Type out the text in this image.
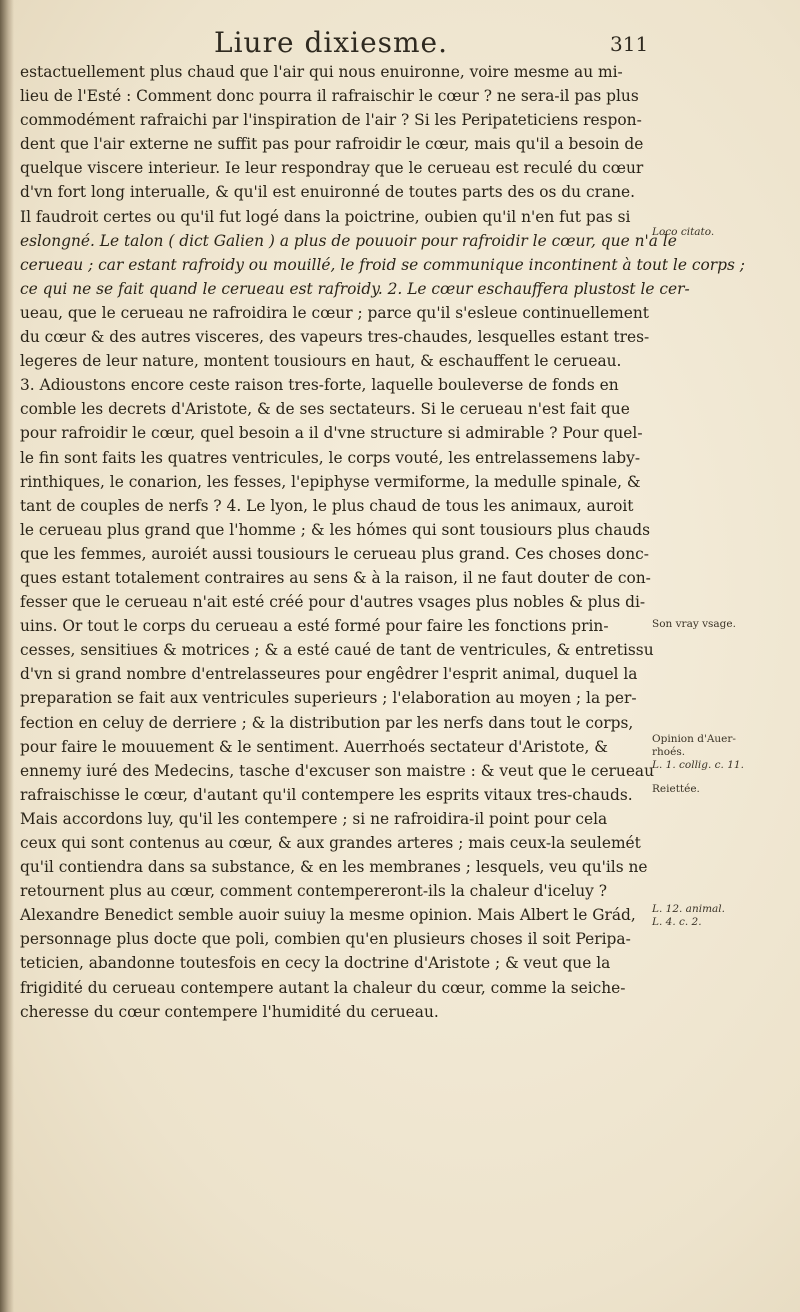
Liure dixiesme.	311
estactuellement plus chaud que l'air qui nous enuironne, voire mesme au mi-
lieu de l'Esté : Comment donc pourra il rafraischir le cœur ? ne sera-il pas plus
commodément rafraichi par l'inspiration de l'air ? Si les Peripateticiens respon-
dent que l'air externe ne suffit pas pour rafroidir le cœur, mais qu'il a besoin de
quelque viscere interieur. Ie leur respondray que le cerueau est reculé du cœur
d'vn fort long interualle, & qu'il est enuironné de toutes parts des os du crane.
Il faudroit certes ou qu'il fut logé dans la poictrine, oubien qu'il n'en fut pas si
eslongné. Le talon ( dict Galien ) a plus de pouuoir pour rafroidir le cœur, que n'a le
cerueau ; car estant rafroidy ou mouillé, le froid se communique incontinent à tout le corps ;
ce qui ne se fait quand le cerueau est rafroidy. 2. Le cœur eschauffera plustost le cer-
ueau, que le cerueau ne rafroidira le cœur ; parce qu'il s'esleue continuellement
du cœur & des autres visceres, des vapeurs tres-chaudes, lesquelles estant tres-
legeres de leur nature, montent tousiours en haut, & eschauffent le cerueau.
3. Adioustons encore ceste raison tres-forte, laquelle bouleverse de fonds en
comble les decrets d'Aristote, & de ses sectateurs. Si le cerueau n'est fait que
pour rafroidir le cœur, quel besoin a il d'vne structure si admirable ? Pour quel-
le fin sont faits les quatres ventricules, le corps vouté, les entrelassemens laby-
rinthiques, le conarion, les fesses, l'epiphyse vermiforme, la medulle spinale, &
tant de couples de nerfs ? 4. Le lyon, le plus chaud de tous les animaux, auroit
le cerueau plus grand que l'homme ; & les hómes qui sont tousiours plus chauds
que les femmes, auroiét aussi tousiours le cerueau plus grand. Ces choses donc-
ques estant totalement contraires au sens & à la raison, il ne faut douter de con-
fesser que le cerueau n'ait esté créé pour d'autres vsages plus nobles & plus di-
uins. Or tout le corps du cerueau a esté formé pour faire les fonctions prin-
cesses, sensitiues & motrices ; & a esté caué de tant de ventricules, & entretissu
d'vn si grand nombre d'entrelasseures pour engêdrer l'esprit animal, duquel la
preparation se fait aux ventricules superieurs ; l'elaboration au moyen ; la per-
fection en celuy de derriere ; & la distribution par les nerfs dans tout le corps,
pour faire le mouuement & le sentiment. Auerrhoés sectateur d'Aristote, &
ennemy iuré des Medecins, tasche d'excuser son maistre : & veut que le cerueau
rafraischisse le cœur, d'autant qu'il contempere les esprits vitaux tres-chauds.
Mais accordons luy, qu'il les contempere ; si ne rafroidira-il point pour cela
ceux qui sont contenus au cœur, & aux grandes arteres ; mais ceux-la seulemét
qu'il contiendra dans sa substance, & en les membranes ; lesquels, veu qu'ils ne
retournent plus au cœur, comment contempereront-ils la chaleur d'iceluy ?
Alexandre Benedict semble auoir suiuy la mesme opinion. Mais Albert le Grád,
personnage plus docte que poli, combien qu'en plusieurs choses il soit Peripa-
teticien, abandonne toutesfois en cecy la doctrine d'Aristote ; & veut que la
frigidité du cerueau contempere autant la chaleur du cœur, comme la seiche-
cheresse du cœur contempere l'humidité du cerueau.
Loco citato.
Son vray vsage.
Opinion d'Auer-
rhoés.
L. 1. collig. c. 11.
Reiettée.
L. 12. animal.
L. 4. c. 2.
